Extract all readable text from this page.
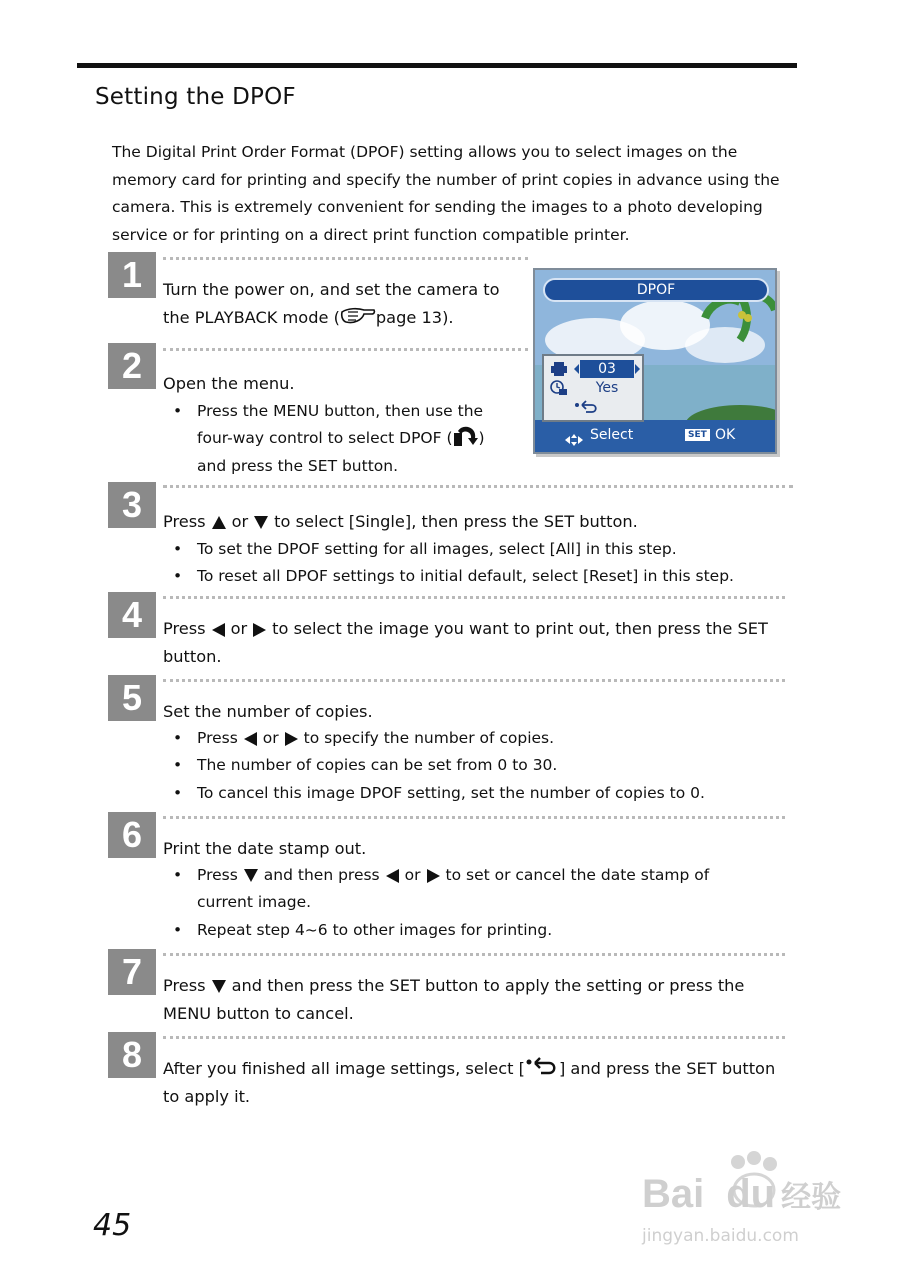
Setting the DPOF
The Digital Print Order Format (DPOF) setting allows you to select images on the memory card for printing and specify the number of print copies in advance using the camera. This is extremely convenient for sending the images to a photo developing service or for printing on a direct print function compatible printer.
1	Turn the power on, and set the camera to
the PLAYBACK mode ( page 13).
DPOF
03
Yes
Select	SET OK
2	Open the menu.
• Press the MENU button, then use the
four-way control to select DPOF ( )
and press the SET button.
3	Press or to select [Single], then press the SET button.
• To set the DPOF setting for all images, select [All] in this step.
• To reset all DPOF settings to initial default, select [Reset] in this step.
4	Press or to select the image you want to print out, then press the SET
button.
5	Set the number of copies.
• Press or to specify the number of copies.
• The number of copies can be set from 0 to 30.
• To cancel this image DPOF setting, set the number of copies to 0.
6	Print the date stamp out.
• Press and then press or to set or cancel the date stamp of
current image.
• Repeat step 4~6 to other images for printing.
7	Press and then press the SET button to apply the setting or press the
MENU button to cancel.
8	After you finished all image settings, select [ ] and press the SET button
to apply it.
45
Bai du 经验
jingyan.baidu.com
